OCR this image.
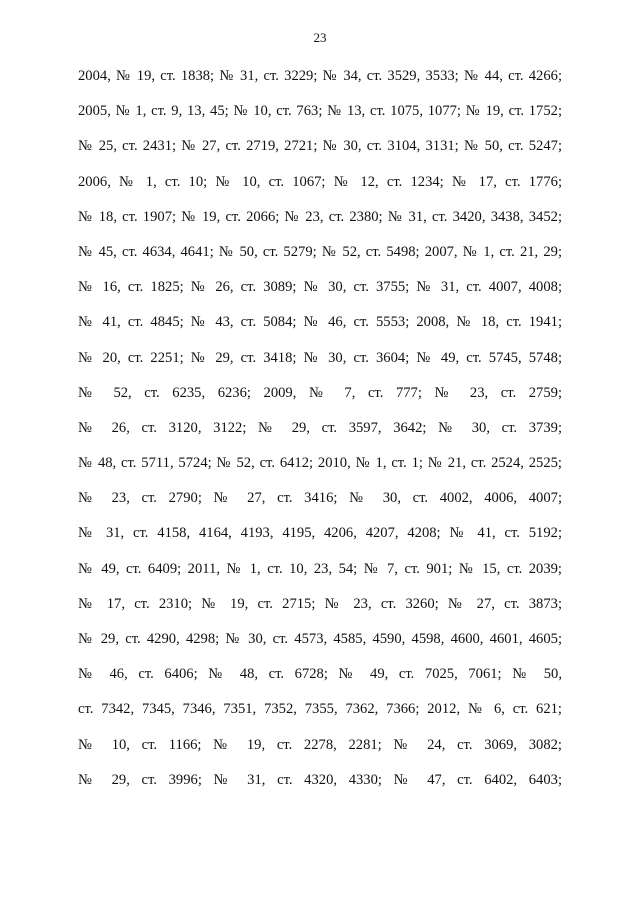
23
2004, № 19, ст. 1838; № 31, ст. 3229; № 34, ст. 3529, 3533; № 44, ст. 4266;
2005, № 1, ст. 9, 13, 45; № 10, ст. 763; № 13, ст. 1075, 1077; № 19, ст. 1752;
№ 25, ст. 2431; № 27, ст. 2719, 2721; № 30, ст. 3104, 3131; № 50, ст. 5247;
2006, № 1, ст. 10; № 10, ст. 1067; № 12, ст. 1234; № 17, ст. 1776;
№ 18, ст. 1907; № 19, ст. 2066; № 23, ст. 2380; № 31, ст. 3420, 3438, 3452;
№ 45, ст. 4634, 4641; № 50, ст. 5279; № 52, ст. 5498; 2007, № 1, ст. 21, 29;
№ 16, ст. 1825; № 26, ст. 3089; № 30, ст. 3755; № 31, ст. 4007, 4008;
№ 41, ст. 4845; № 43, ст. 5084; № 46, ст. 5553; 2008, № 18, ст. 1941;
№ 20, ст. 2251; № 29, ст. 3418; № 30, ст. 3604; № 49, ст. 5745, 5748;
№ 52, ст. 6235, 6236; 2009, № 7, ст. 777; № 23, ст. 2759;
№ 26, ст. 3120, 3122; № 29, ст. 3597, 3642; № 30, ст. 3739;
№ 48, ст. 5711, 5724; № 52, ст. 6412; 2010, № 1, ст. 1; № 21, ст. 2524, 2525;
№ 23, ст. 2790; № 27, ст. 3416; № 30, ст. 4002, 4006, 4007;
№ 31, ст. 4158, 4164, 4193, 4195, 4206, 4207, 4208; № 41, ст. 5192;
№ 49, ст. 6409; 2011, № 1, ст. 10, 23, 54; № 7, ст. 901; № 15, ст. 2039;
№ 17, ст. 2310; № 19, ст. 2715; № 23, ст. 3260; № 27, ст. 3873;
№ 29, ст. 4290, 4298; № 30, ст. 4573, 4585, 4590, 4598, 4600, 4601, 4605;
№ 46, ст. 6406; № 48, ст. 6728; № 49, ст. 7025, 7061; № 50,
ст. 7342, 7345, 7346, 7351, 7352, 7355, 7362, 7366; 2012, № 6, ст. 621;
№ 10, ст. 1166; № 19, ст. 2278, 2281; № 24, ст. 3069, 3082;
№ 29, ст. 3996; № 31, ст. 4320, 4330; № 47, ст. 6402, 6403;
